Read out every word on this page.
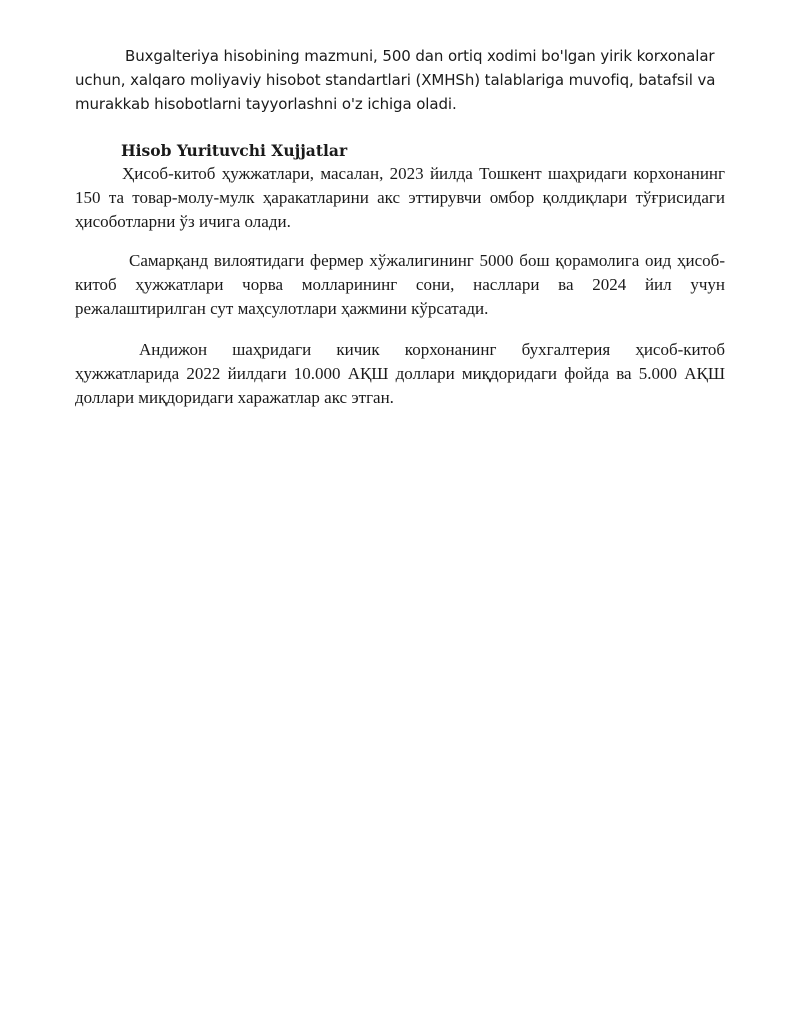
Buxgalteriya hisobining mazmuni, 500 dan ortiq xodimi bo'lgan yirik korxonalar uchun, xalqaro moliyaviy hisobot standartlari (XMHSh) talablariga muvofiq, batafsil va murakkab hisobotlarni tayyorlashni o'z ichiga oladi.

Hisob Yurituvchi Xujjatlar

Ҳисоб-китоб ҳужжатлари, масалан, 2023 йилда Тошкент шаҳридаги корхонанинг 150 та товар-молу-мулк ҳаракатларини акс эттирувчи омбор қолдиқлари тўғрисидаги ҳисоботларни ўз ичига олади.

Самарқанд вилоятидаги фермер хўжалигининг 5000 бош қорамолига оид ҳисоб-китоб ҳужжатлари чорва молларининг сони, насллари ва 2024 йил учун режалаштирилган сут маҳсулотлари ҳажмини кўрсатади.

Андижон шаҳридаги кичик корхонанинг бухгалтерия ҳисоб-китоб ҳужжатларида 2022 йилдаги 10.000 АҚШ доллари миқдоридаги фойда ва 5.000 АҚШ доллари миқдоридаги харажатлар акс этган.
